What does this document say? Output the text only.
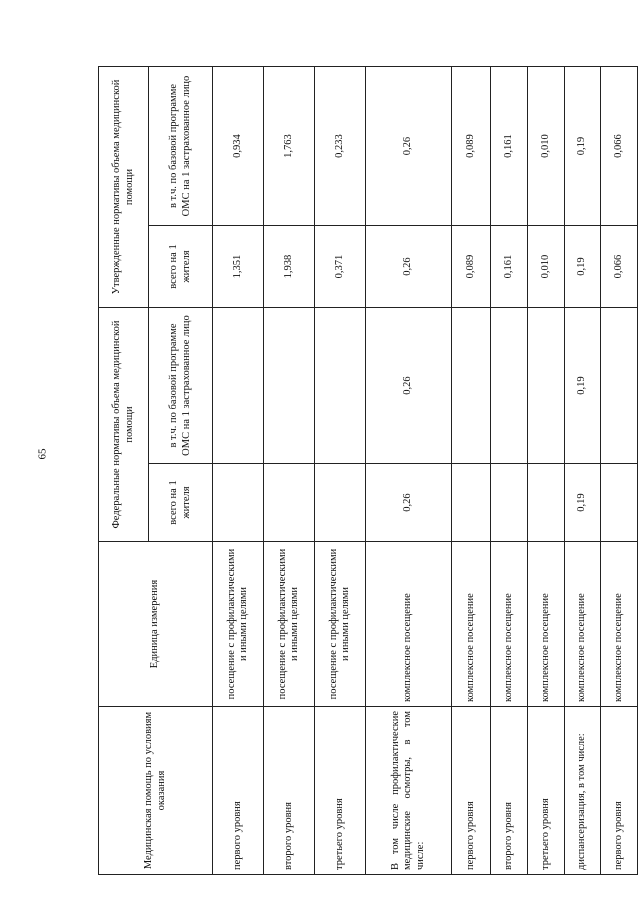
65
Медицинская помощь по условиям оказания	Единица измерения	Федеральные нормативы объема медицинской помощи		Утвержденные нормативы объема медицинской помощи	
		всего на 1 жителя	в т.ч. по базовой программе ОМС на 1 застрахованное лицо	всего на 1 жителя	в т.ч. по базовой программе ОМС на 1 застрахованное лицо
первого уровня	посещение с профилактическими и иными целями			1,351	0,934
второго уровня	посещение с профилактическими и иными целями			1,938	1,763
третьего уровня	посещение с профилактическими и иными целями			0,371	0,233
В том числе профилактические медицинские осмотры, в том числе:	комплексное посещение	0,26	0,26	0,26	0,26
первого уровня	комплексное посещение			0,089	0,089
второго уровня	комплексное посещение			0,161	0,161
третьего уровня	комплексное посещение			0,010	0,010
диспансеризация, в том числе:	комплексное посещение	0,19	0,19	0,19	0,19
первого уровня	комплексное посещение			0,066	0,066
